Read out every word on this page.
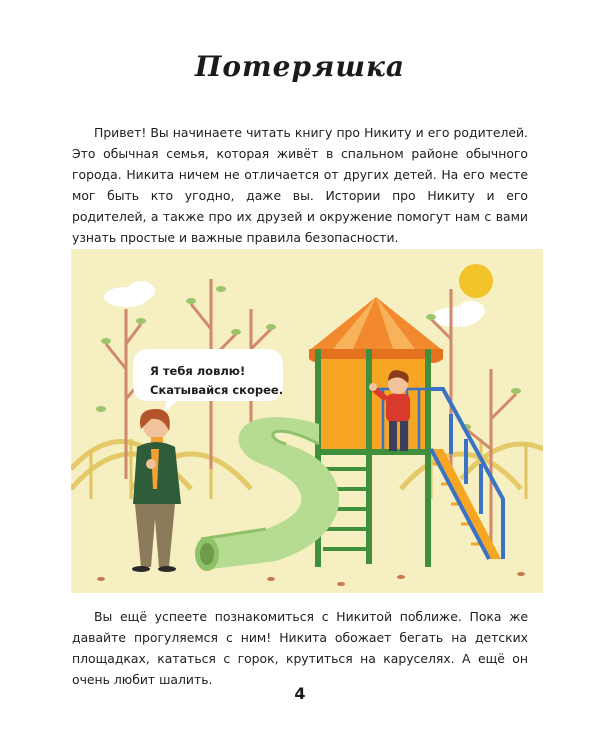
Потеряшка

Привет! Вы начинаете читать книгу про Никиту и его родителей. Это обычная семья, которая живёт в спальном районе обычного города. Никита ничем не отличается от других детей. На его месте мог быть кто угодно, даже вы. Истории про Никиту и его родителей, а также про их друзей и окружение помогут нам с вами узнать простые и важные правила безопасности.

Я тебя ловлю!
Скатывайся скорее.

Вы ещё успеете познакомиться с Никитой поближе. Пока же давайте прогуляемся с ним! Никита обожает бегать на детских площадках, кататься с горок, крутиться на каруселях. А ещё он очень любит шалить.

4
